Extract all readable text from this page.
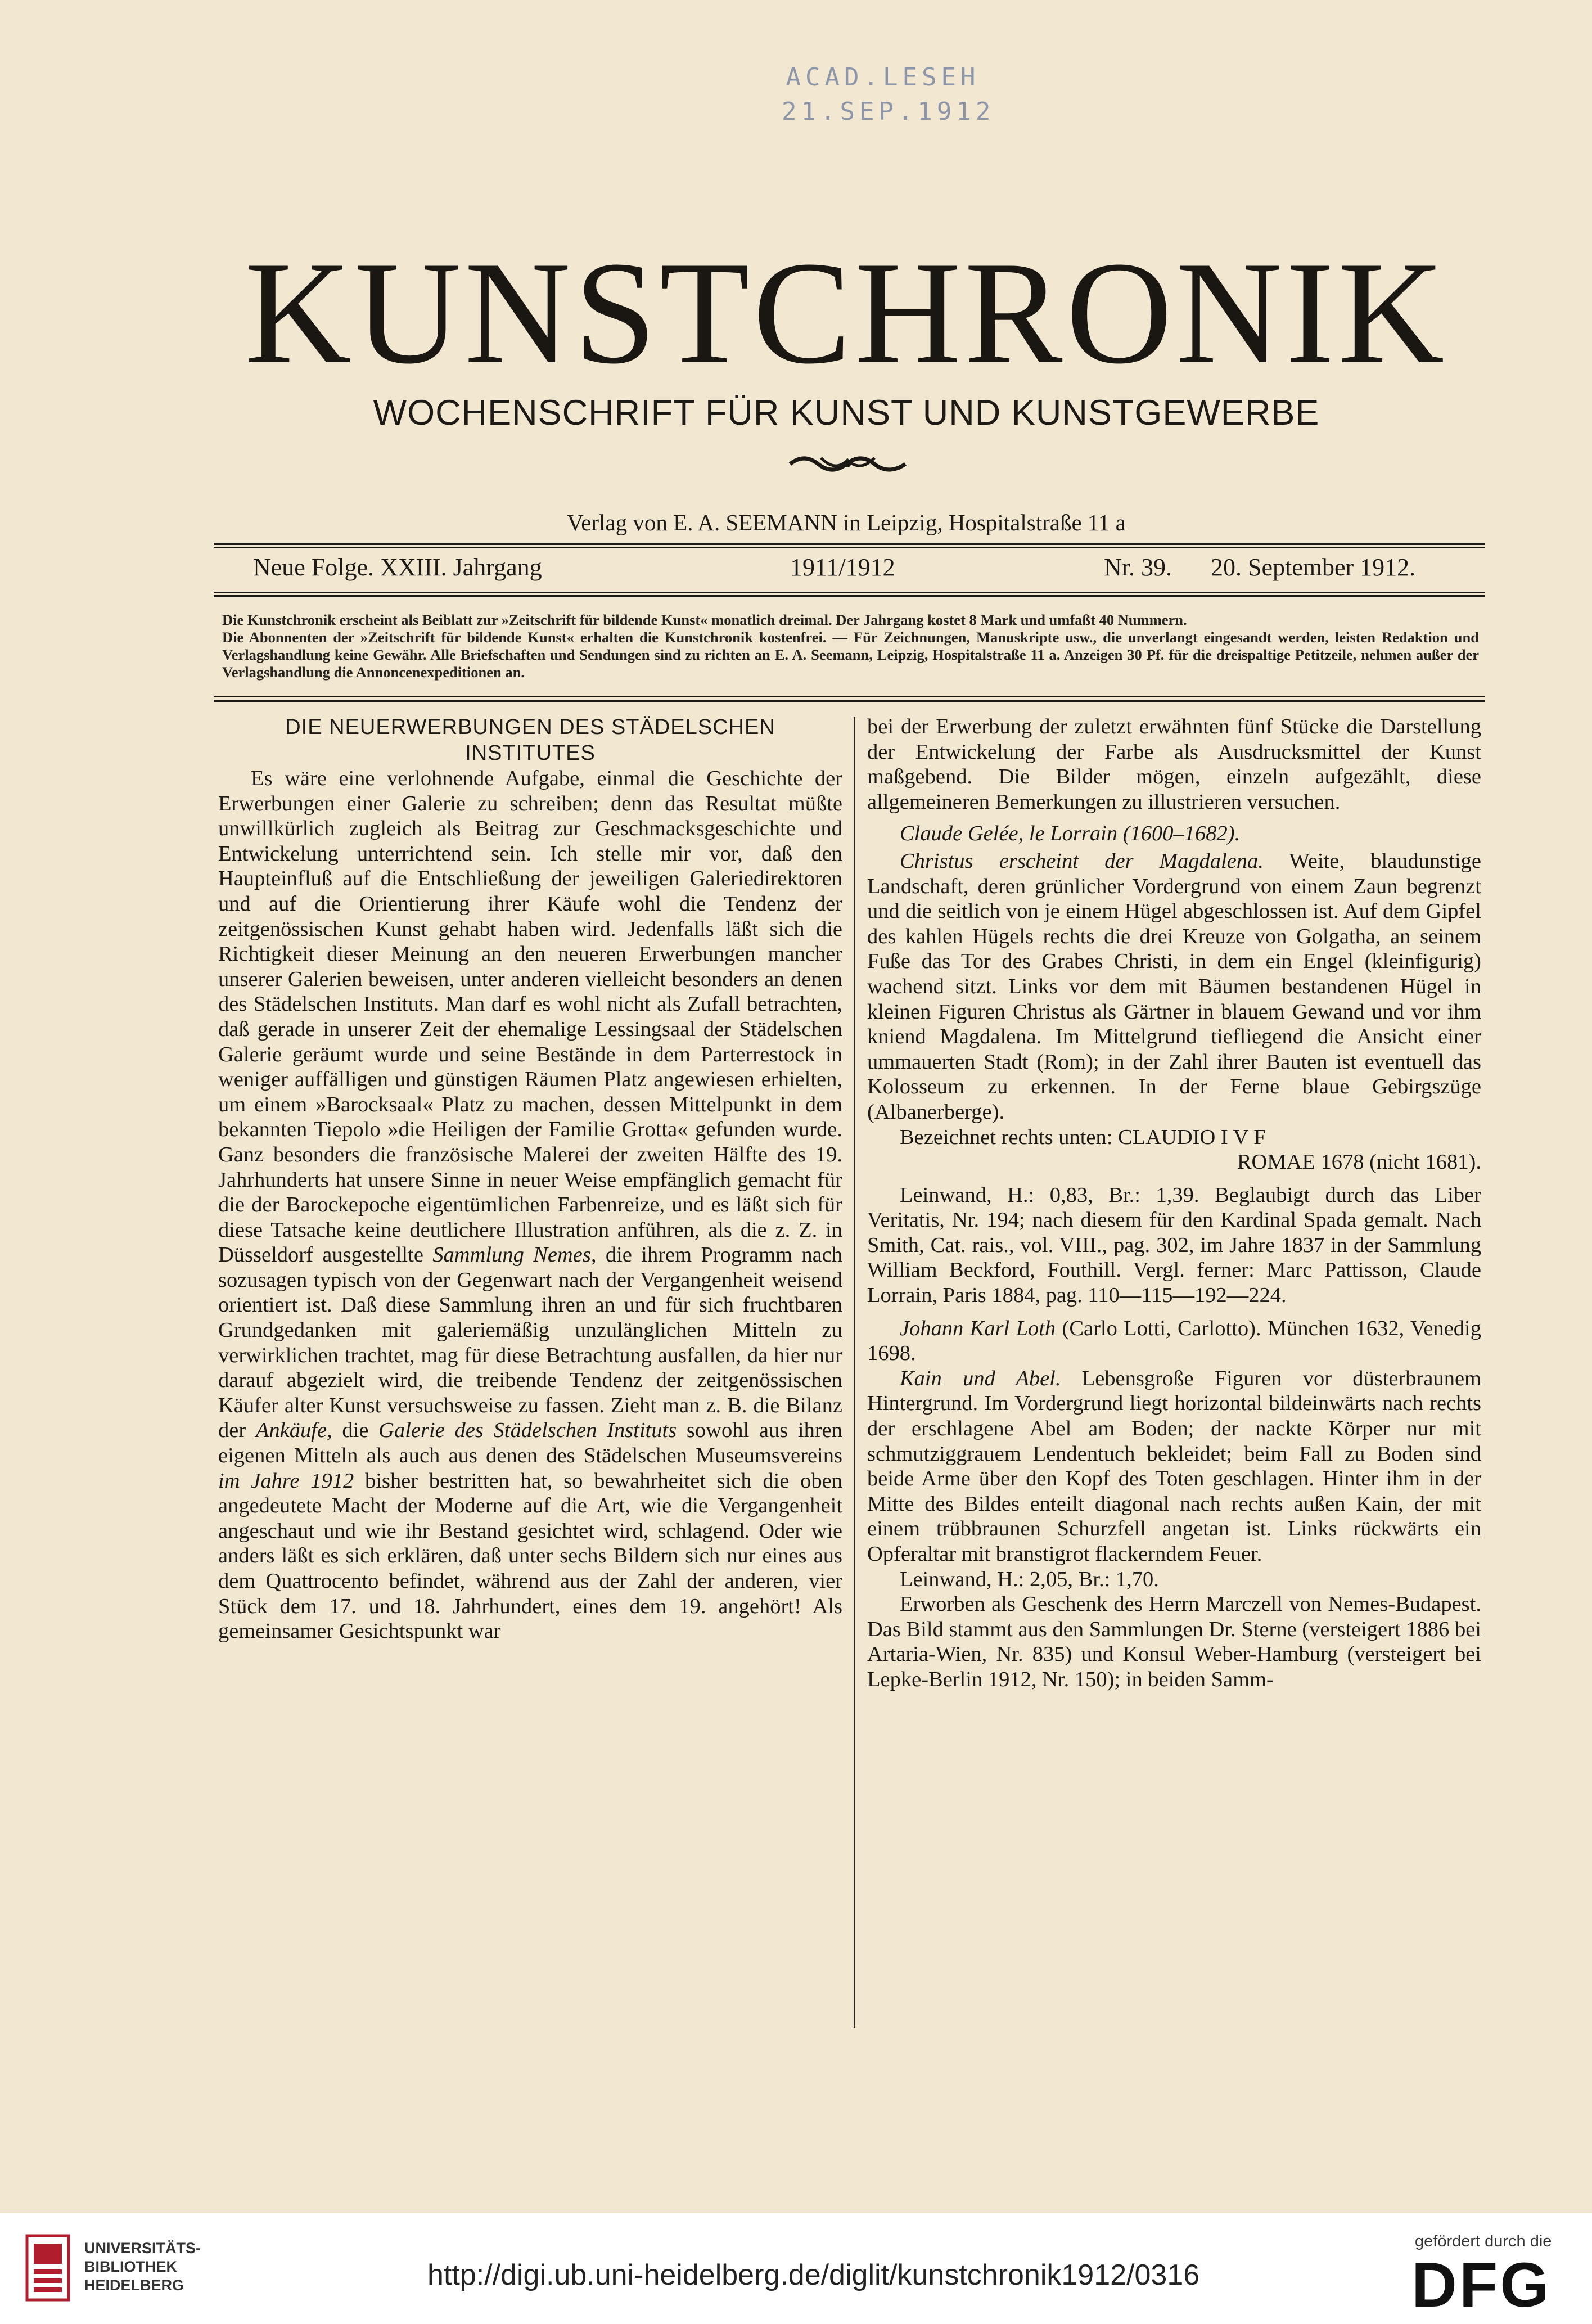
ACAD.LESEH
21.SEP.1912
KUNSTCHRONIK
WOCHENSCHRIFT FÜR KUNST UND KUNSTGEWERBE
Verlag von E. A. SEEMANN in Leipzig, Hospitalstraße 11 a
Neue Folge. XXIII. Jahrgang	1911/1912	Nr. 39. 20. September 1912.

Die Kunstchronik erscheint als Beiblatt zur »Zeitschrift für bildende Kunst« monatlich dreimal. Der Jahrgang kostet 8 Mark und umfaßt 40 Nummern.

Die Abonnenten der »Zeitschrift für bildende Kunst« erhalten die Kunstchronik kostenfrei. — Für Zeichnungen, Manuskripte usw., die unverlangt eingesandt werden, leisten Redaktion und Verlagshandlung keine Gewähr. Alle Briefschaften und Sendungen sind zu richten an E. A. Seemann, Leipzig, Hospitalstraße 11 a. Anzeigen 30 Pf. für die dreispaltige Petitzeile, nehmen außer der Verlagshandlung die Annoncenexpeditionen an.

DIE NEUERWERBUNGEN DES STÄDELSCHEN INSTITUTES

Es wäre eine verlohnende Aufgabe, einmal die Geschichte der Erwerbungen einer Galerie zu schreiben; denn das Resultat müßte unwillkürlich zugleich als Beitrag zur Geschmacksgeschichte und Entwickelung unterrichtend sein. Ich stelle mir vor, daß den Haupteinfluß auf die Entschließung der jeweiligen Galeriedirektoren und auf die Orientierung ihrer Käufe wohl die Tendenz der zeitgenössischen Kunst gehabt haben wird. Jedenfalls läßt sich die Richtigkeit dieser Meinung an den neueren Erwerbungen mancher unserer Galerien beweisen, unter anderen vielleicht besonders an denen des Städelschen Instituts. Man darf es wohl nicht als Zufall betrachten, daß gerade in unserer Zeit der ehemalige Lessingsaal der Städelschen Galerie geräumt wurde und seine Bestände in dem Parterrestock in weniger auffälligen und günstigen Räumen Platz angewiesen erhielten, um einem »Barocksaal« Platz zu machen, dessen Mittelpunkt in dem bekannten Tiepolo »die Heiligen der Familie Grotta« gefunden wurde. Ganz besonders die französische Malerei der zweiten Hälfte des 19. Jahrhunderts hat unsere Sinne in neuer Weise empfänglich gemacht für die der Barockepoche eigentümlichen Farbenreize, und es läßt sich für diese Tatsache keine deutlichere Illustration anführen, als die z. Z. in Düsseldorf ausgestellte Sammlung Nemes, die ihrem Programm nach sozusagen typisch von der Gegenwart nach der Vergangenheit weisend orientiert ist. Daß diese Sammlung ihren an und für sich fruchtbaren Grundgedanken mit galeriemäßig unzulänglichen Mitteln zu verwirklichen trachtet, mag für diese Betrachtung ausfallen, da hier nur darauf abgezielt wird, die treibende Tendenz der zeitgenössischen Käufer alter Kunst versuchsweise zu fassen. Zieht man z. B. die Bilanz der Ankäufe, die Galerie des Städelschen Instituts sowohl aus ihren eigenen Mitteln als auch aus denen des Städelschen Museumsvereins im Jahre 1912 bisher bestritten hat, so bewahrheitet sich die oben angedeutete Macht der Moderne auf die Art, wie die Vergangenheit angeschaut und wie ihr Bestand gesichtet wird, schlagend. Oder wie anders läßt es sich erklären, daß unter sechs Bildern sich nur eines aus dem Quattrocento befindet, während aus der Zahl der anderen, vier Stück dem 17. und 18. Jahrhundert, eines dem 19. angehört! Als gemeinsamer Gesichtspunkt war

bei der Erwerbung der zuletzt erwähnten fünf Stücke die Darstellung der Entwickelung der Farbe als Ausdrucksmittel der Kunst maßgebend. Die Bilder mögen, einzeln aufgezählt, diese allgemeineren Bemerkungen zu illustrieren versuchen.

Claude Gelée, le Lorrain (1600–1682).

Christus erscheint der Magdalena. Weite, blaudunstige Landschaft, deren grünlicher Vordergrund von einem Zaun begrenzt und die seitlich von je einem Hügel abgeschlossen ist. Auf dem Gipfel des kahlen Hügels rechts die drei Kreuze von Golgatha, an seinem Fuße das Tor des Grabes Christi, in dem ein Engel (kleinfigurig) wachend sitzt. Links vor dem mit Bäumen bestandenen Hügel in kleinen Figuren Christus als Gärtner in blauem Gewand und vor ihm kniend Magdalena. Im Mittelgrund tiefliegend die Ansicht einer ummauerten Stadt (Rom); in der Zahl ihrer Bauten ist eventuell das Kolosseum zu erkennen. In der Ferne blaue Gebirgszüge (Albanerberge).

Bezeichnet rechts unten: CLAUDIO I V F

ROMAE 1678 (nicht 1681).

Leinwand, H.: 0,83, Br.: 1,39. Beglaubigt durch das Liber Veritatis, Nr. 194; nach diesem für den Kardinal Spada gemalt. Nach Smith, Cat. rais., vol. VIII., pag. 302, im Jahre 1837 in der Sammlung William Beckford, Fouthill. Vergl. ferner: Marc Pattisson, Claude Lorrain, Paris 1884, pag. 110—115—192—224.

Johann Karl Loth (Carlo Lotti, Carlotto). München 1632, Venedig 1698.

Kain und Abel. Lebensgroße Figuren vor düsterbraunem Hintergrund. Im Vordergrund liegt horizontal bildeinwärts nach rechts der erschlagene Abel am Boden; der nackte Körper nur mit schmutziggrauem Lendentuch bekleidet; beim Fall zu Boden sind beide Arme über den Kopf des Toten geschlagen. Hinter ihm in der Mitte des Bildes enteilt diagonal nach rechts außen Kain, der mit einem trübbraunen Schurzfell angetan ist. Links rückwärts ein Opferaltar mit branstigrot flackerndem Feuer.

Leinwand, H.: 2,05, Br.: 1,70.

Erworben als Geschenk des Herrn Marczell von Nemes-Budapest. Das Bild stammt aus den Sammlungen Dr. Sterne (versteigert 1886 bei Artaria-Wien, Nr. 835) und Konsul Weber-Hamburg (versteigert bei Lepke-Berlin 1912, Nr. 150); in beiden Samm-

UNIVERSITÄTS-
BIBLIOTHEK
HEIDELBERG	http://digi.ub.uni-heidelberg.de/diglit/kunstchronik1912/0316
gefördert durch die
DFG
